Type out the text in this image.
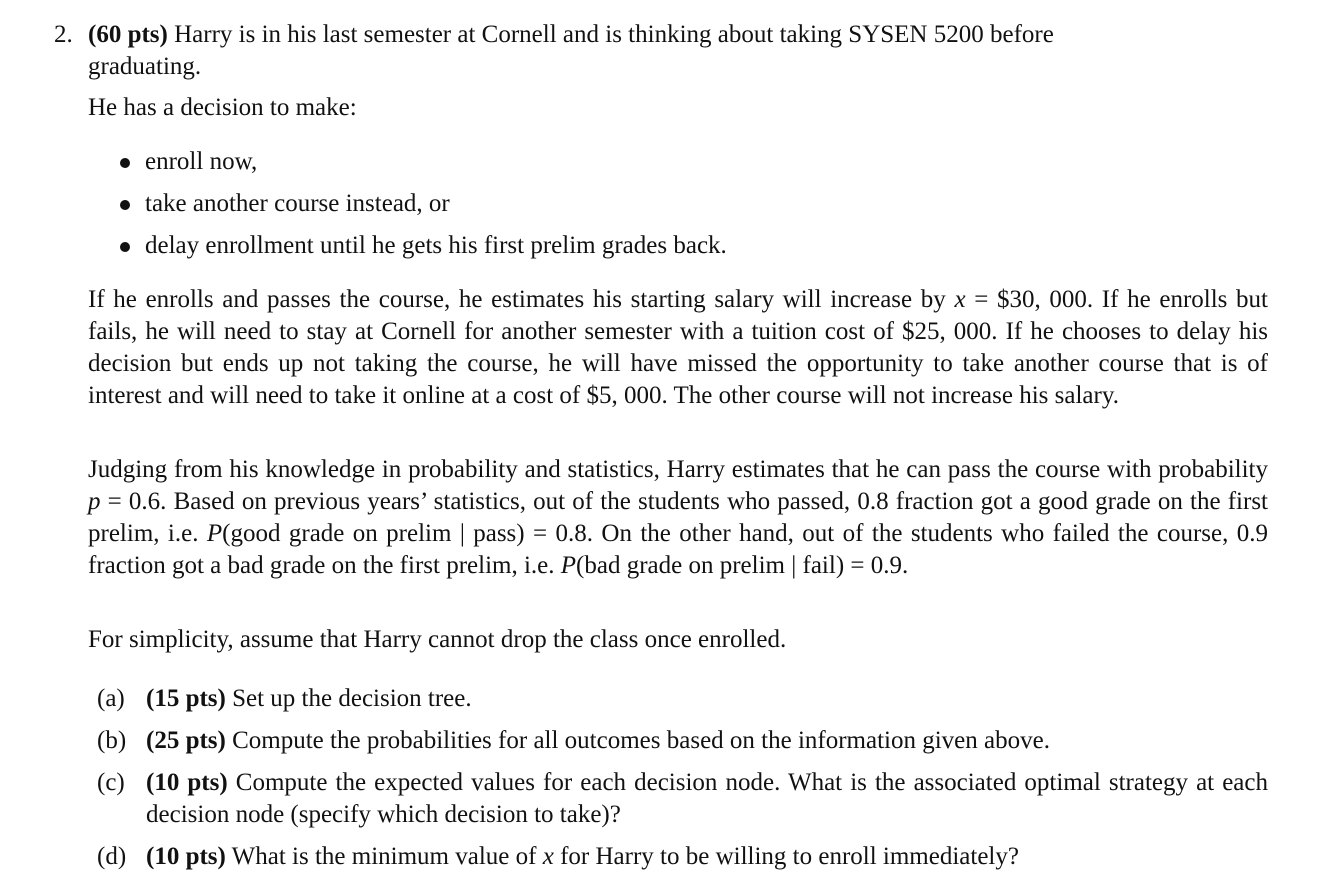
2. (60 pts) Harry is in his last semester at Cornell and is thinking about taking SYSEN 5200 before
graduating.
He has a decision to make:
enroll now,
take another course instead, or
delay enrollment until he gets his first prelim grades back.
If he enrolls and passes the course, he estimates his starting salary will increase by x = $30, 000. If he enrolls but fails, he will need to stay at Cornell for another semester with a tuition cost of $25, 000. If he chooses to delay his decision but ends up not taking the course, he will have missed the opportunity to take another course that is of interest and will need to take it online at a cost of $5, 000. The other course will not increase his salary.
Judging from his knowledge in probability and statistics, Harry estimates that he can pass the course with probability p = 0.6. Based on previous years’ statistics, out of the students who passed, 0.8 fraction got a good grade on the first prelim, i.e. P(good grade on prelim | pass) = 0.8. On the other hand, out of the students who failed the course, 0.9 fraction got a bad grade on the first prelim, i.e. P(bad grade on prelim | fail) = 0.9.
For simplicity, assume that Harry cannot drop the class once enrolled.
(a) (15 pts) Set up the decision tree.
(b) (25 pts) Compute the probabilities for all outcomes based on the information given above.
(c) (10 pts) Compute the expected values for each decision node. What is the associated optimal strategy at each decision node (specify which decision to take)?
(d) (10 pts) What is the minimum value of x for Harry to be willing to enroll immediately?
